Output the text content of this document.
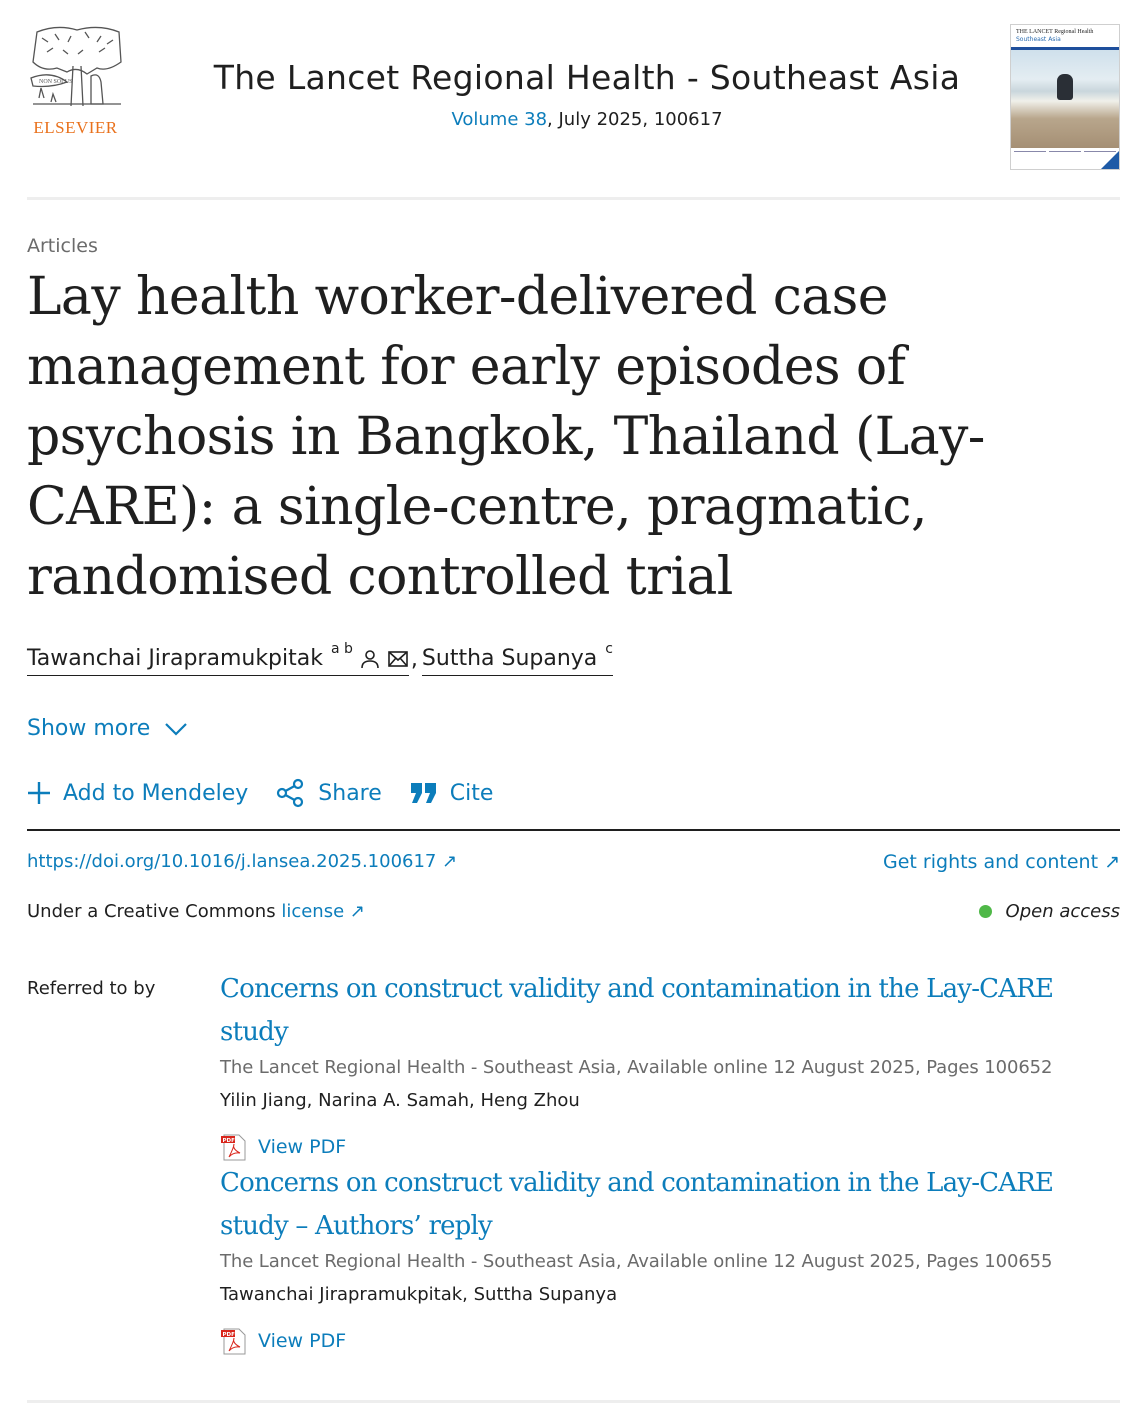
NON SOLUS
ELSEVIER
The Lancet Regional Health - Southeast Asia
Volume 38, July 2025, 100617
THE LANCET Regional Health
Southeast Asia
Articles
Lay health worker-delivered case management for early episodes of psychosis in Bangkok, Thailand (Lay-CARE): a single-centre, pragmatic, randomised controlled trial
Tawanchai Jirapramukpitak $^{a b}$	, Suttha Supanya $^c$
Show more
Add to Mendeley	Share	Cite
https://doi.org/10.1016/j.lansea.2025.100617 ↗	Get rights and content ↗
Under a Creative Commons license ↗	Open access
Referred to by Concerns on construct validity and contamination in the Lay-CARE study
The Lancet Regional Health - Southeast Asia, Available online 12 August 2025, Pages 100652
Yilin Jiang, Narina A. Samah, Heng Zhou
PDF View PDF
Concerns on construct validity and contamination in the Lay-CARE study – Authors’ reply
The Lancet Regional Health - Southeast Asia, Available online 12 August 2025, Pages 100655
Tawanchai Jirapramukpitak, Suttha Supanya
PDF View PDF
